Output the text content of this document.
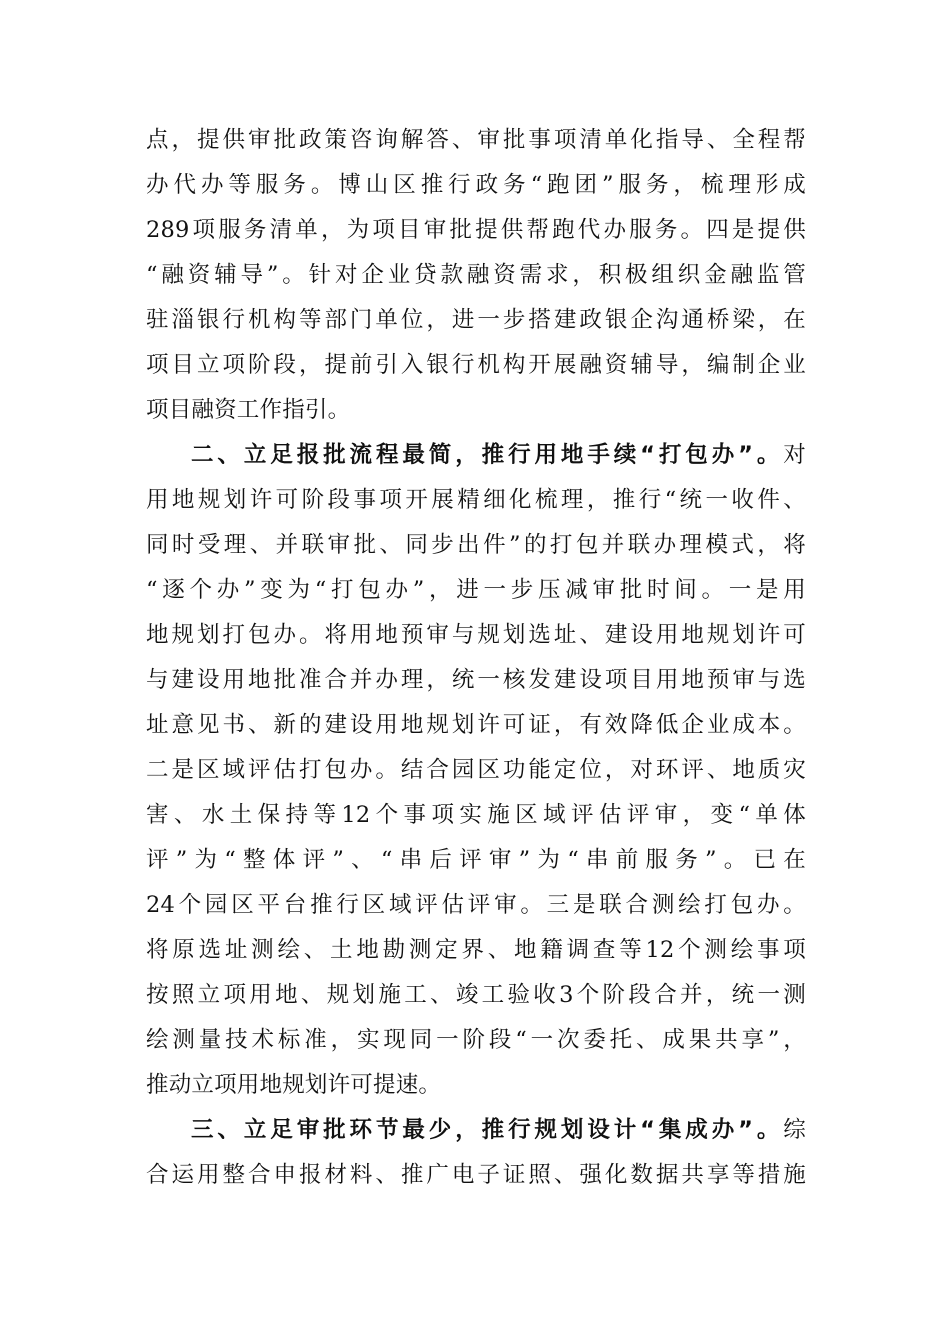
点，提供审批政策咨询解答、审批事项清单化指导、全程帮
办代办等服务。博山区推行政务“跑团”服务，梳理形成
289项服务清单，为项目审批提供帮跑代办服务。四是提供
“融资辅导”。针对企业贷款融资需求，积极组织金融监管
驻淄银行机构等部门单位，进一步搭建政银企沟通桥梁，在
项目立项阶段，提前引入银行机构开展融资辅导，编制企业
项目融资工作指引。
二、立足报批流程最简，推行用地手续“打包办”。对
用地规划许可阶段事项开展精细化梳理，推行“统一收件、
同时受理、并联审批、同步出件”的打包并联办理模式，将
“逐个办”变为“打包办”，进一步压减审批时间。一是用
地规划打包办。将用地预审与规划选址、建设用地规划许可
与建设用地批准合并办理，统一核发建设项目用地预审与选
址意见书、新的建设用地规划许可证，有效降低企业成本。
二是区域评估打包办。结合园区功能定位，对环评、地质灾
害、水土保持等12个事项实施区域评估评审，变“单体
评”为“整体评”、“串后评审”为“串前服务”。已在
24个园区平台推行区域评估评审。三是联合测绘打包办。
将原选址测绘、土地勘测定界、地籍调查等12个测绘事项
按照立项用地、规划施工、竣工验收3个阶段合并，统一测
绘测量技术标准，实现同一阶段“一次委托、成果共享”，
推动立项用地规划许可提速。
三、立足审批环节最少，推行规划设计“集成办”。综
合运用整合申报材料、推广电子证照、强化数据共享等措施
